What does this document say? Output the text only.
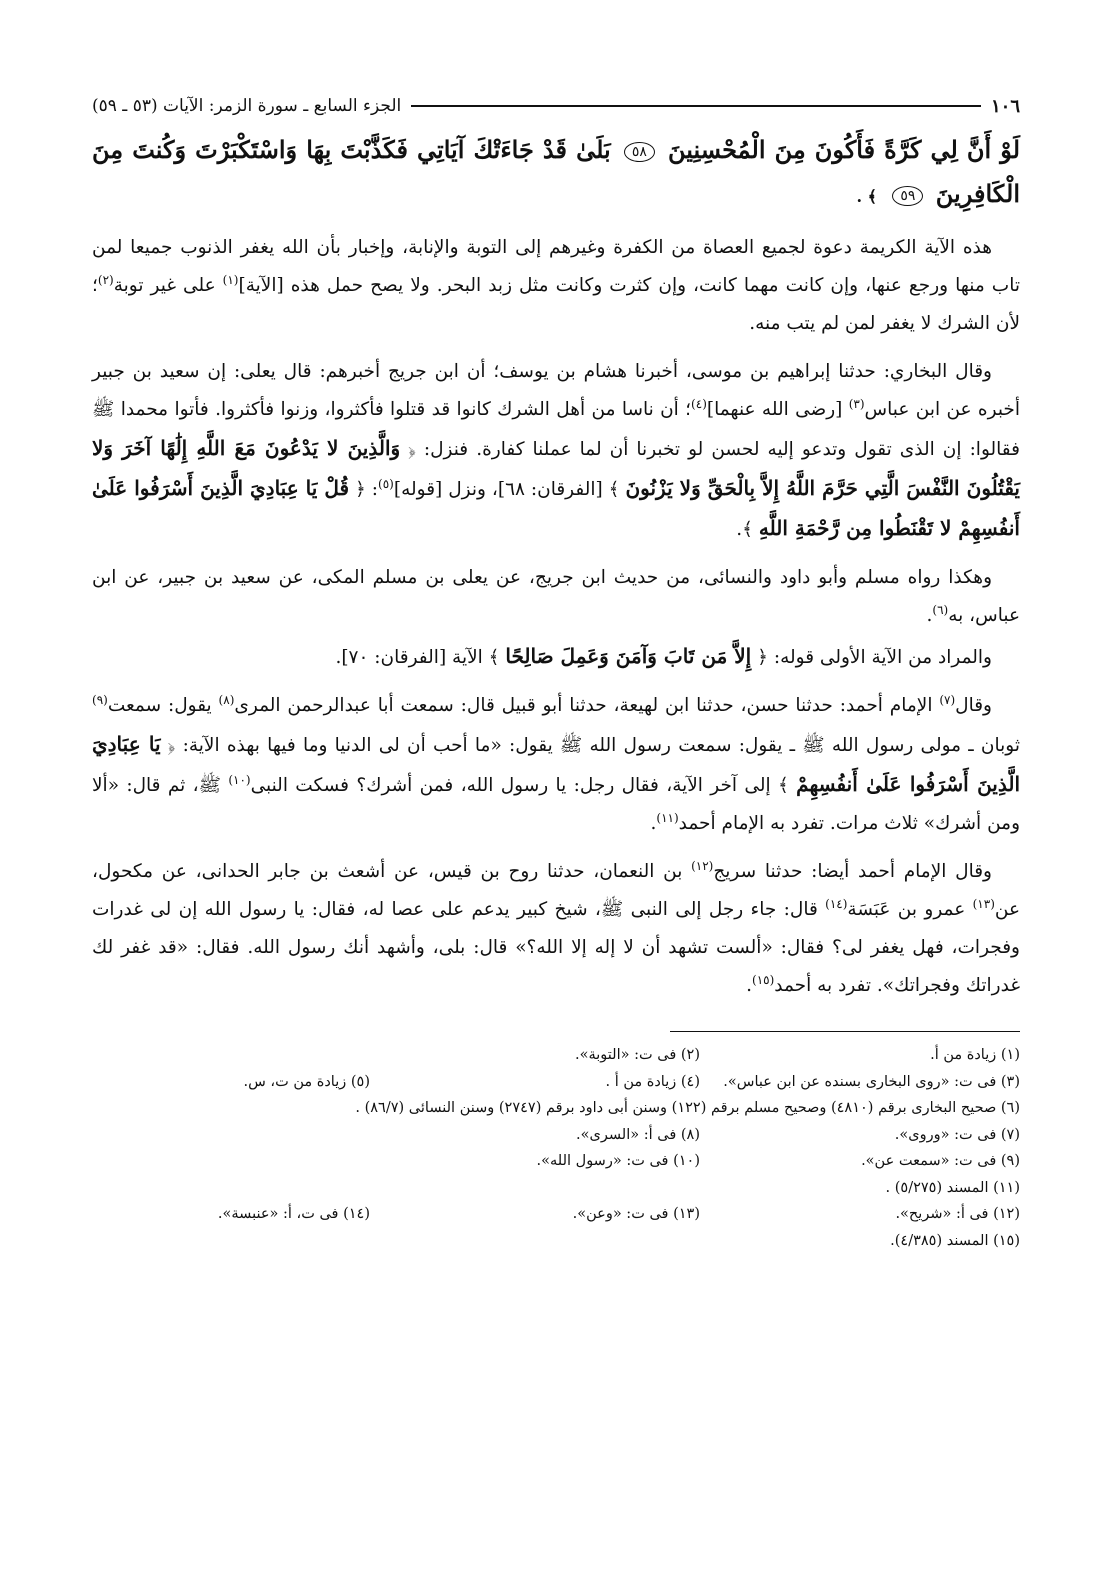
١٠٦
الجزء السابع ـ سورة الزمر: الآيات (٥٣ ـ ٥٩)
لَوْ أَنَّ لِي كَرَّةً فَأَكُونَ مِنَ الْمُحْسِنِينَ ٥٨ بَلَىٰ قَدْ جَاءَتْكَ آيَاتِي فَكَذَّبْتَ بِهَا وَاسْتَكْبَرْتَ وَكُنتَ مِنَ الْكَافِرِينَ ٥٩ ﴾ .

هذه الآية الكريمة دعوة لجميع العصاة من الكفرة وغيرهم إلى التوبة والإنابة، وإخبار بأن الله يغفر الذنوب جميعا لمن تاب منها ورجع عنها، وإن كانت مهما كانت، وإن كثرت وكانت مثل زبد البحر. ولا يصح حمل هذه [الآية]$^{(١)}$ على غير توبة$^{(٢)}$؛ لأن الشرك لا يغفر لمن لم يتب منه.

وقال البخاري: حدثنا إبراهيم بن موسى، أخبرنا هشام بن يوسف؛ أن ابن جريج أخبرهم: قال يعلى: إن سعيد بن جبير أخبره عن ابن عباس$^{(٣)}$ [رضى الله عنهما]$^{(٤)}$؛ أن ناسا من أهل الشرك كانوا قد قتلوا فأكثروا، وزنوا فأكثروا. فأتوا محمدا ﷺ فقالوا: إن الذى تقول وتدعو إليه لحسن لو تخبرنا أن لما عملنا كفارة. فنزل: ﴿ وَالَّذِينَ لا يَدْعُونَ مَعَ اللَّهِ إِلَٰهًا آخَرَ وَلا يَقْتُلُونَ النَّفْسَ الَّتِي حَرَّمَ اللَّهُ إِلاَّ بِالْحَقِّ وَلا يَزْنُونَ ﴾ [الفرقان: ٦٨]، ونزل [قوله]$^{(٥)}$: ﴿ قُلْ يَا عِبَادِيَ الَّذِينَ أَسْرَفُوا عَلَىٰ أَنفُسِهِمْ لا تَقْنَطُوا مِن رَّحْمَةِ اللَّهِ ﴾.

وهكذا رواه مسلم وأبو داود والنسائى، من حديث ابن جريج، عن يعلى بن مسلم المكى، عن سعيد بن جبير، عن ابن عباس، به$^{(٦)}$.

والمراد من الآية الأولى قوله: ﴿ إِلاَّ مَن تَابَ وَآمَنَ وَعَمِلَ صَالِحًا ﴾ الآية [الفرقان: ٧٠].

وقال$^{(٧)}$ الإمام أحمد: حدثنا حسن، حدثنا ابن لهيعة، حدثنا أبو قبيل قال: سمعت أبا عبدالرحمن المرى$^{(٨)}$ يقول: سمعت$^{(٩)}$ ثوبان ـ مولى رسول الله ﷺ ـ يقول: سمعت رسول الله ﷺ يقول: «ما أحب أن لى الدنيا وما فيها بهذه الآية: ﴿ يَا عِبَادِيَ الَّذِينَ أَسْرَفُوا عَلَىٰ أَنفُسِهِمْ ﴾ إلى آخر الآية، فقال رجل: يا رسول الله، فمن أشرك؟ فسكت النبى$^{(١٠)}$ ﷺ، ثم قال: «ألا ومن أشرك» ثلاث مرات. تفرد به الإمام أحمد$^{(١١)}$.

وقال الإمام أحمد أيضا: حدثنا سريج$^{(١٢)}$ بن النعمان، حدثنا روح بن قيس، عن أشعث بن جابر الحدانى، عن مكحول، عن$^{(١٣)}$ عمرو بن عَبَسَة$^{(١٤)}$ قال: جاء رجل إلى النبى ﷺ، شيخ كبير يدعم على عصا له، فقال: يا رسول الله إن لى غدرات وفجرات، فهل يغفر لى؟ فقال: «ألست تشهد أن لا إله إلا الله؟» قال: بلى، وأشهد أنك رسول الله. فقال: «قد غفر لك غدراتك وفجراتك». تفرد به أحمد$^{(١٥)}$.

(١) زيادة من أ.
(٢) فى ت: «التوبة».
(٣) فى ت: «روى البخارى بسنده عن ابن عباس».
(٤) زيادة من أ .
(٥) زيادة من ت، س.
(٦) صحيح البخارى برقم (٤٨١٠) وصحيح مسلم برقم (١٢٢) وسنن أبى داود برقم (٢٧٤٧) وسنن النسائى (٨٦/٧) .
(٧) فى ت: «وروى».
(٨) فى أ: «السرى».
(٩) فى ت: «سمعت عن».
(١٠) فى ت: «رسول الله».
(١١) المسند (٥/٢٧٥) .
(١٢) فى أ: «شريح».
(١٣) فى ت: «وعن».
(١٤) فى ت، أ: «عنبسة».
(١٥) المسند (٤/٣٨٥).
